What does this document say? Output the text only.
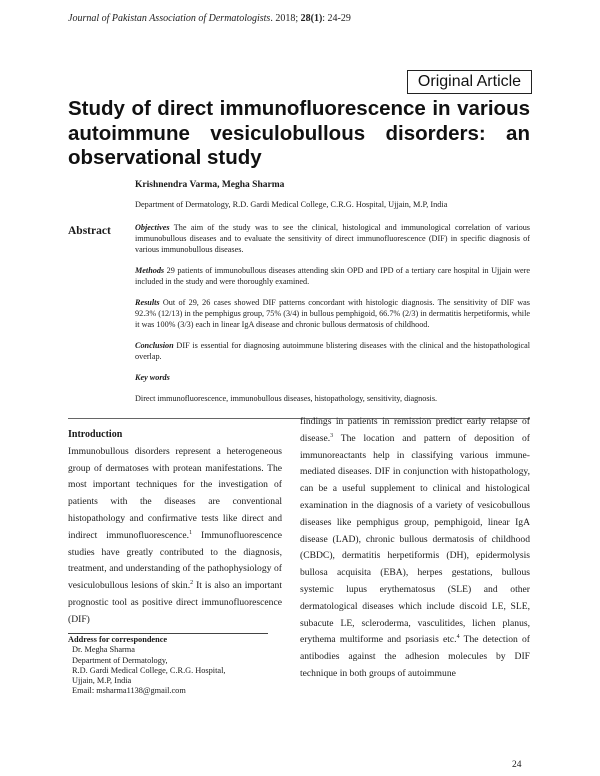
Journal of Pakistan Association of Dermatologists. 2018; 28(1): 24-29
Original Article
Study of direct immunofluorescence in various autoimmune vesiculobullous disorders: an observational study
Krishnendra Varma, Megha Sharma
Department of Dermatology, R.D. Gardi Medical College, C.R.G. Hospital, Ujjain, M.P, India
Abstract	Objectives The aim of the study was to see the clinical, histological and immunological correlation of various immunobullous diseases and to evaluate the sensitivity of direct immunofluorescence (DIF) in specific diagnosis of various immunobullous diseases.

Methods 29 patients of immunobullous diseases attending skin OPD and IPD of a tertiary care hospital in Ujjain were included in the study and were thoroughly examined.

Results Out of 29, 26 cases showed DIF patterns concordant with histologic diagnosis. The sensitivity of DIF was 92.3% (12/13) in the pemphigus group, 75% (3/4) in bullous pemphigoid, 66.7% (2/3) in dermatitis herpetiformis, while it was 100% (3/3) each in linear IgA disease and chronic bullous dermatosis of childhood.

Conclusion DIF is essential for diagnosing autoimmune blistering diseases with the clinical and the histopathological overlap.

Key words

Direct immunofluorescence, immunobullous diseases, histopathology, sensitivity, diagnosis.

Introduction

Immunobullous disorders represent a heterogeneous group of dermatoses with protean manifestations. The most important techniques for the investigation of patients with the diseases are conventional histopathology and confirmative tests like direct and indirect immunofluorescence.$^1$ Immunofluorescence studies have greatly contributed to the diagnosis, treatment, and understanding of the pathophysiology of vesiculobullous lesions of skin.$^2$ It is also an important prognostic tool as positive direct immunofluorescence (DIF)

findings in patients in remission predict early relapse of disease.$^3$ The location and pattern of deposition of immunoreactants help in classifying various immune-mediated diseases. DIF in conjunction with histopathology, can be a useful supplement to clinical and histological examination in the diagnosis of a variety of vesicobullous diseases like pemphigus group, pemphigoid, linear IgA disease (LAD), chronic bullous dermatosis of childhood (CBDC), dermatitis herpetiformis (DH), epidermolysis bullosa acquisita (EBA), herpes gestations, bullous systemic lupus erythematosus (SLE) and other dermatological diseases which include discoid LE, SLE, subacute LE, scleroderma, vasculitides, lichen planus, erythema multiforme and psoriasis etc.$^4$ The detection of antibodies against the adhesion molecules by DIF technique in both groups of autoimmune

Address for correspondence
Dr. Megha Sharma
Department of Dermatology,
R.D. Gardi Medical College, C.R.G. Hospital,
Ujjain, M.P, India
Email: msharma1138@gmail.com
24
